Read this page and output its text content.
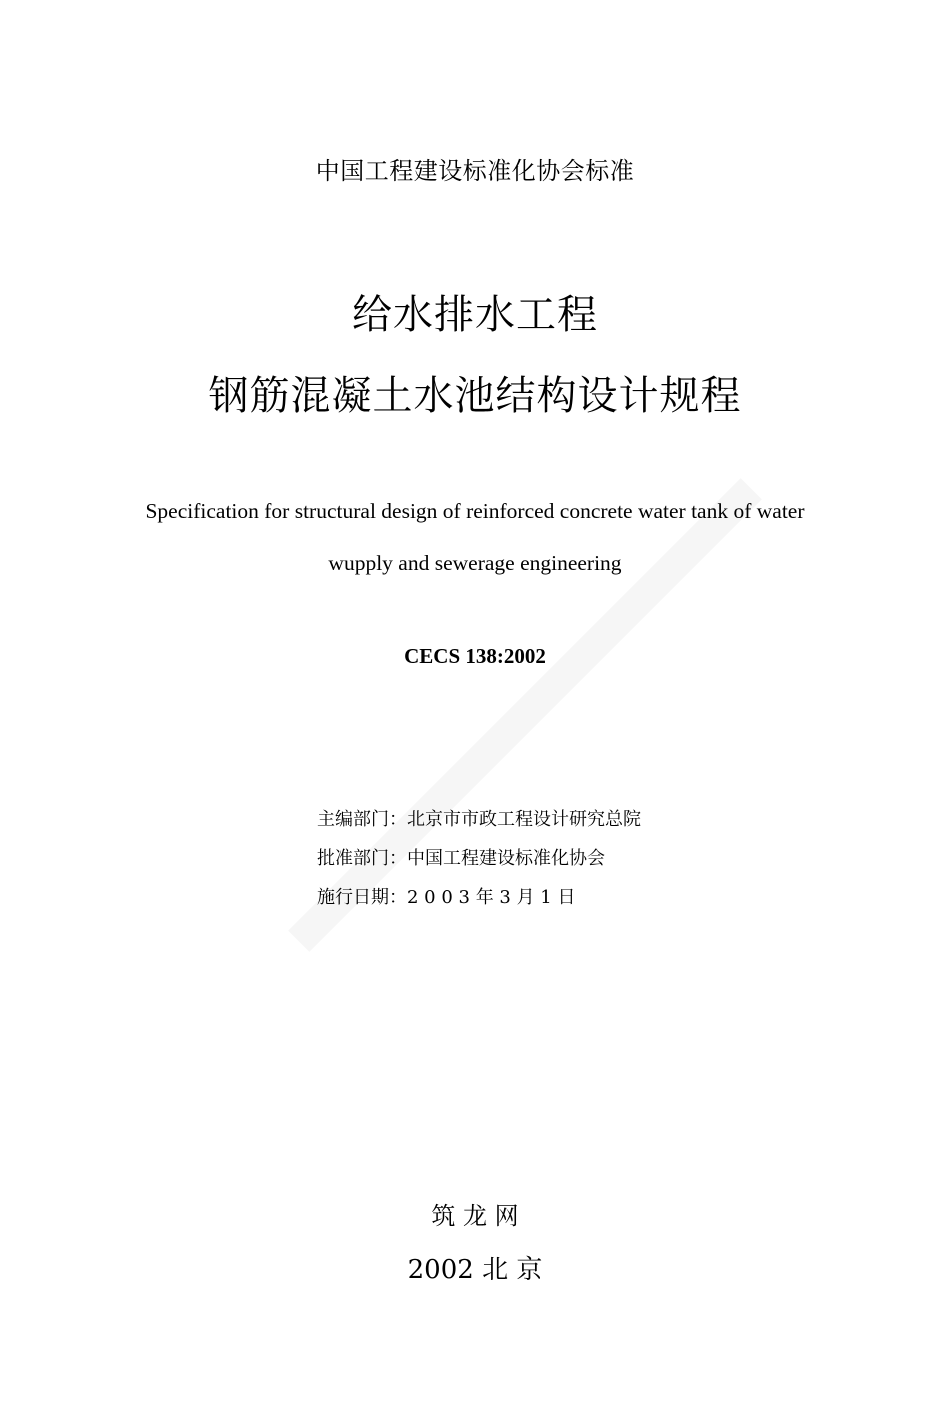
中国工程建设标准化协会标准
给水排水工程
钢筋混凝土水池结构设计规程
Specification for structural design of reinforced concrete water tank of water
wupply and sewerage engineering
CECS 138:2002
主编部门：北京市市政工程设计研究总院
批准部门：中国工程建设标准化协会
施行日期：2 0 0 3 年 3 月 1 日
筑 龙 网
2002 北 京
